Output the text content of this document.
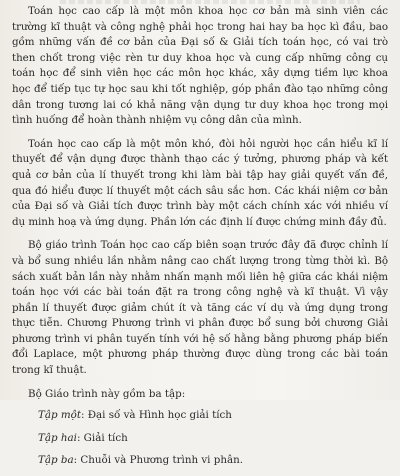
Toán học cao cấp là một môn khoa học cơ bản mà sinh viên các trường kĩ thuật và công nghệ phải học trong hai hay ba học kì đầu, bao gồm những vấn đề cơ bản của Đại số & Giải tích toán học, có vai trò then chốt trong việc rèn tư duy khoa học và cung cấp những công cụ toán học để sinh viên học các môn học khác, xây dựng tiềm lực khoa học để tiếp tục tự học sau khi tốt nghiệp, góp phần đào tạo những công dân trong tương lai có khả năng vận dụng tư duy khoa học trong mọi tình huống để hoàn thành nhiệm vụ công dân của mình.

Toán học cao cấp là một môn khó, đòi hỏi người học cần hiểu kĩ lí thuyết để vận dụng được thành thạo các ý tưởng, phương pháp và kết quả cơ bản của lí thuyết trong khi làm bài tập hay giải quyết vấn đề, qua đó hiểu được lí thuyết một cách sâu sắc hơn. Các khái niệm cơ bản của Đại số và Giải tích được trình bày một cách chính xác với nhiều ví dụ minh hoạ và ứng dụng. Phần lớn các định lí được chứng minh đầy đủ.

Bộ giáo trình Toán học cao cấp biên soạn trước đây đã được chỉnh lí và bổ sung nhiều lần nhằm nâng cao chất lượng trong từng thời kì. Bộ sách xuất bản lần này nhằm nhấn mạnh mối liên hệ giữa các khái niệm toán học với các bài toán đặt ra trong công nghệ và kĩ thuật. Vì vậy phần lí thuyết được giảm chút ít và tăng các ví dụ và ứng dụng trong thực tiễn. Chương Phương trình vi phân được bổ sung bởi chương Giải phương trình vi phân tuyến tính với hệ số hằng bằng phương pháp biến đổi Laplace, một phương pháp thường được dùng trong các bài toán trong kĩ thuật.

Bộ Giáo trình này gồm ba tập:

Tập một: Đại số và Hình học giải tích
Tập hai: Giải tích
Tập ba: Chuỗi và Phương trình vi phân.
